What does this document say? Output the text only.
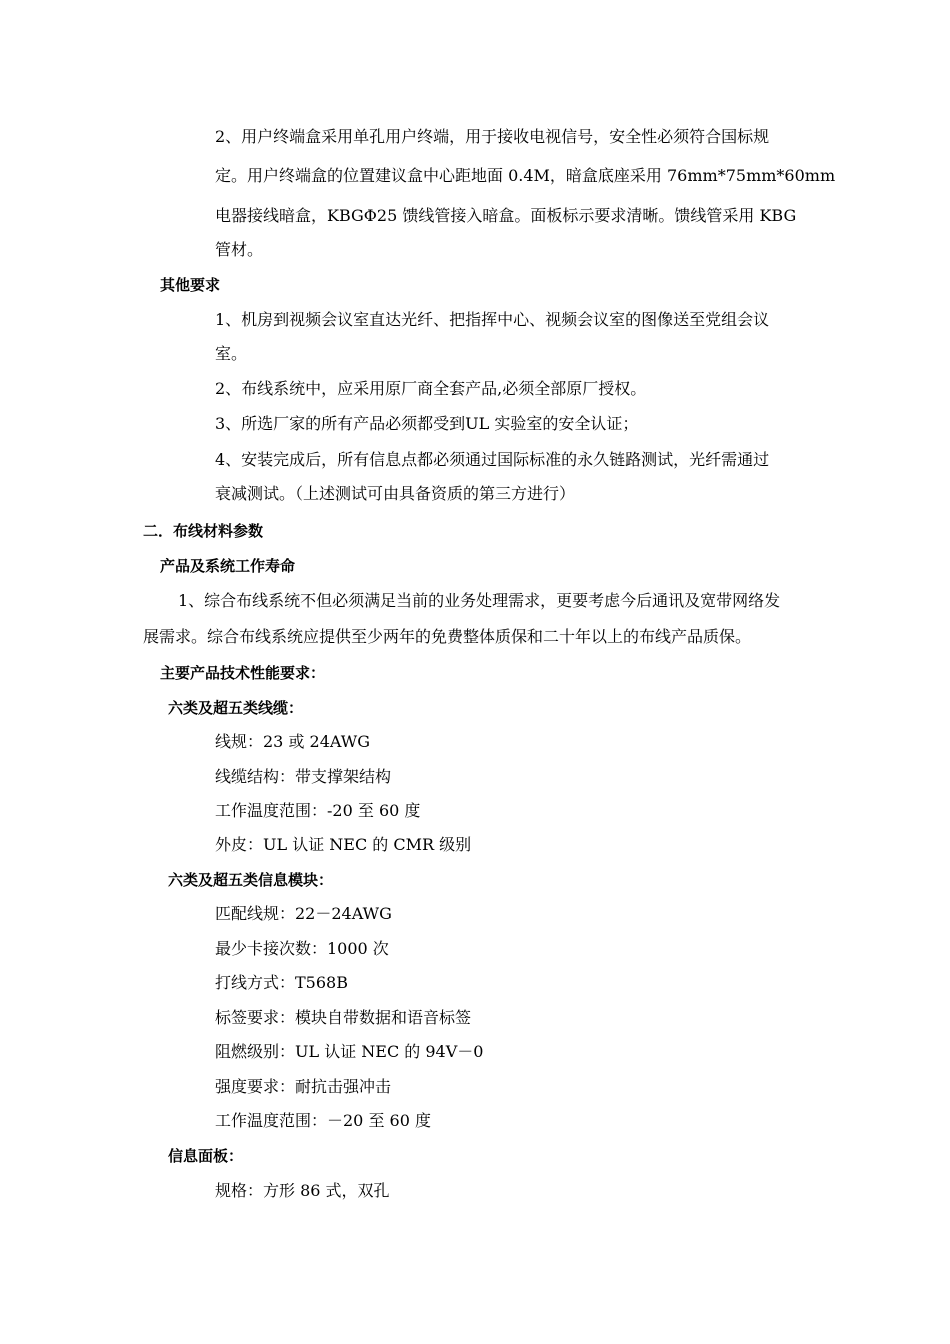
2、用户终端盒采用单孔用户终端，用于接收电视信号，安全性必须符合国标规
定。用户终端盒的位置建议盒中心距地面 0.4M，暗盒底座采用 76mm*75mm*60mm
电器接线暗盒，KBGΦ25 馈线管接入暗盒。面板标示要求清晰。馈线管采用 KBG
管材。
其他要求
1、机房到视频会议室直达光纤、把指挥中心、视频会议室的图像送至党组会议
室。
2、布线系统中，应采用原厂商全套产品,必须全部原厂授权。
3、所选厂家的所有产品必须都受到UL 实验室的安全认证；
4、安装完成后，所有信息点都必须通过国际标准的永久链路测试，光纤需通过
衰减测试。（上述测试可由具备资质的第三方进行）
二．布线材料参数
产品及系统工作寿命
1、综合布线系统不但必须满足当前的业务处理需求，更要考虑今后通讯及宽带网络发
展需求。综合布线系统应提供至少两年的免费整体质保和二十年以上的布线产品质保。
主要产品技术性能要求：
六类及超五类线缆：
线规：23 或 24AWG
线缆结构：带支撑架结构
工作温度范围：-20 至 60 度
外皮：UL 认证 NEC 的 CMR 级别
六类及超五类信息模块：
匹配线规：22－24AWG
最少卡接次数：1000 次
打线方式：T568B
标签要求：模块自带数据和语音标签
阻燃级别：UL 认证 NEC 的 94V－0
强度要求：耐抗击强冲击
工作温度范围：－20 至 60 度
信息面板：
规格：方形 86 式，双孔
